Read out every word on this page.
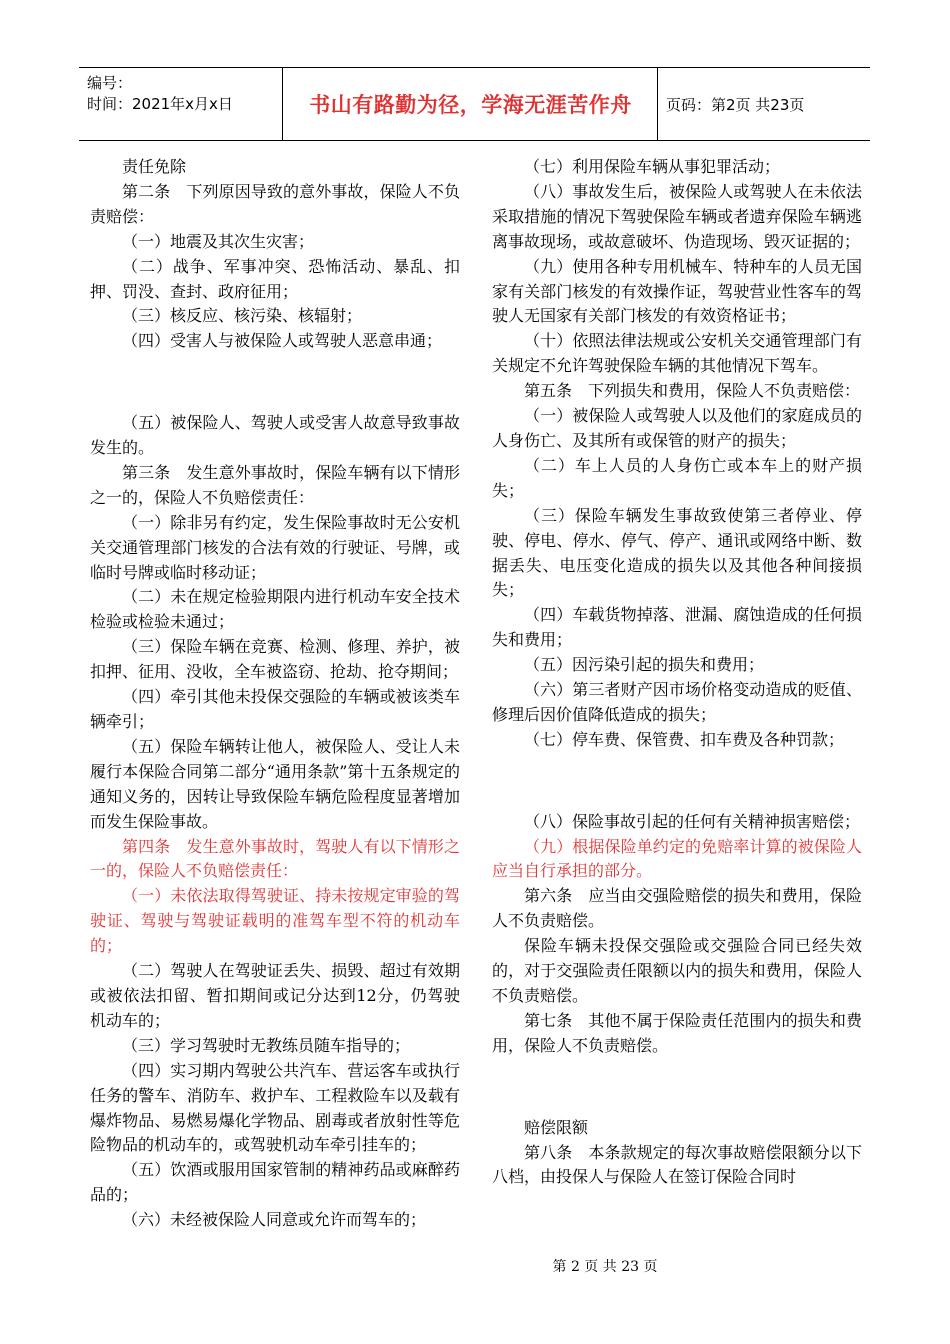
编号：
时间：2021年x月x日	书山有路勤为径，学海无涯苦作舟	页码：第2页 共23页

责任免除

第二条　下列原因导致的意外事故，保险人不负责赔偿：

（一）地震及其次生灾害；

（二）战争、军事冲突、恐怖活动、暴乱、扣押、罚没、查封、政府征用；

（三）核反应、核污染、核辐射；

（四）受害人与被保险人或驾驶人恶意串通；

（五）被保险人、驾驶人或受害人故意导致事故发生的。

第三条　发生意外事故时，保险车辆有以下情形之一的，保险人不负赔偿责任：

（一）除非另有约定，发生保险事故时无公安机关交通管理部门核发的合法有效的行驶证、号牌，或临时号牌或临时移动证；

（二）未在规定检验期限内进行机动车安全技术检验或检验未通过；

（三）保险车辆在竞赛、检测、修理、养护，被扣押、征用、没收，全车被盗窃、抢劫、抢夺期间；

（四）牵引其他未投保交强险的车辆或被该类车辆牵引；

（五）保险车辆转让他人，被保险人、受让人未履行本保险合同第二部分“通用条款”第十五条规定的通知义务的，因转让导致保险车辆危险程度显著增加而发生保险事故。

第四条　发生意外事故时，驾驶人有以下情形之一的，保险人不负赔偿责任：

（一）未依法取得驾驶证、持未按规定审验的驾驶证、驾驶与驾驶证载明的准驾车型不符的机动车的；

（二）驾驶人在驾驶证丢失、损毁、超过有效期或被依法扣留、暂扣期间或记分达到12分，仍驾驶机动车的；

（三）学习驾驶时无教练员随车指导的；

（四）实习期内驾驶公共汽车、营运客车或执行任务的警车、消防车、救护车、工程救险车以及载有爆炸物品、易燃易爆化学物品、剧毒或者放射性等危险物品的机动车的，或驾驶机动车牵引挂车的；

（五）饮酒或服用国家管制的精神药品或麻醉药品的；

（六）未经被保险人同意或允许而驾车的；

（七）利用保险车辆从事犯罪活动；

（八）事故发生后，被保险人或驾驶人在未依法采取措施的情况下驾驶保险车辆或者遗弃保险车辆逃离事故现场，或故意破坏、伪造现场、毁灭证据的；

（九）使用各种专用机械车、特种车的人员无国家有关部门核发的有效操作证，驾驶营业性客车的驾驶人无国家有关部门核发的有效资格证书；

（十）依照法律法规或公安机关交通管理部门有关规定不允许驾驶保险车辆的其他情况下驾车。

第五条　下列损失和费用，保险人不负责赔偿：

（一）被保险人或驾驶人以及他们的家庭成员的人身伤亡、及其所有或保管的财产的损失；

（二）车上人员的人身伤亡或本车上的财产损失；

（三）保险车辆发生事故致使第三者停业、停驶、停电、停水、停气、停产、通讯或网络中断、数据丢失、电压变化造成的损失以及其他各种间接损失；

（四）车载货物掉落、泄漏、腐蚀造成的任何损失和费用；

（五）因污染引起的损失和费用；

（六）第三者财产因市场价格变动造成的贬值、修理后因价值降低造成的损失；

（七）停车费、保管费、扣车费及各种罚款；

（八）保险事故引起的任何有关精神损害赔偿；

（九）根据保险单约定的免赔率计算的被保险人应当自行承担的部分。

第六条　应当由交强险赔偿的损失和费用，保险人不负责赔偿。

保险车辆未投保交强险或交强险合同已经失效的，对于交强险责任限额以内的损失和费用，保险人不负责赔偿。

第七条　其他不属于保险责任范围内的损失和费用，保险人不负责赔偿。

赔偿限额

第八条　本条款规定的每次事故赔偿限额分以下八档，由投保人与保险人在签订保险合同时

第 2 页 共 23 页
